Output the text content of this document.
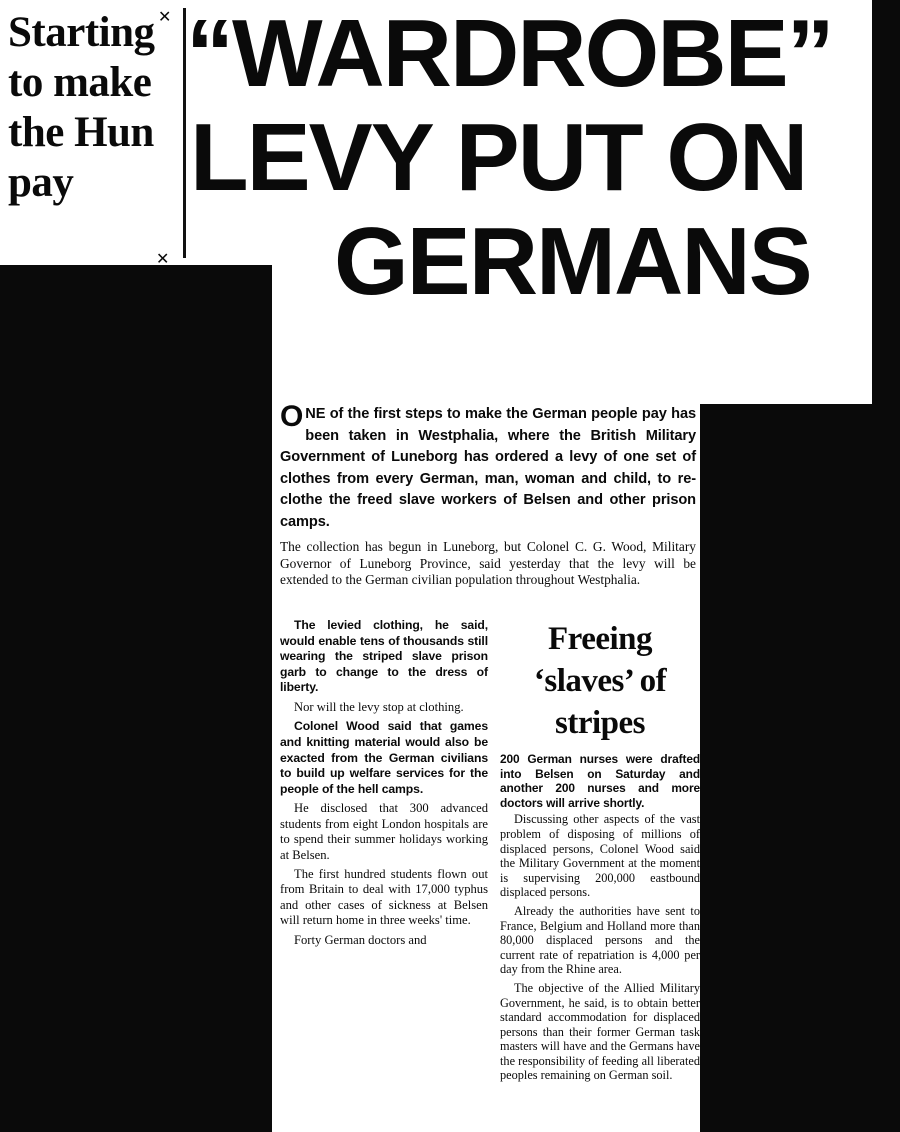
✕
Starting
to make
the Hun
pay
✕
“WARDROBE”
LEVY PUT ON
GERMANS
ONE of the first steps to make the German people pay has been taken in Westphalia, where the British Military Government of Luneborg has ordered a levy of one set of clothes from every German, man, woman and child, to re-clothe the freed slave workers of Belsen and other prison camps.
The collection has begun in Luneborg, but Colonel C. G. Wood, Military Governor of Luneborg Province, said yesterday that the levy will be extended to the German civilian population throughout Westphalia.

The levied clothing, he said, would enable tens of thousands still wearing the striped slave prison garb to change to the dress of liberty.

Nor will the levy stop at clothing.

Colonel Wood said that games and knitting material would also be exacted from the German civilians to build up welfare services for the people of the hell camps.

He disclosed that 300 advanced students from eight London hospitals are to spend their summer holidays working at Belsen.

The first hundred students flown out from Britain to deal with 17,000 typhus and other cases of sickness at Belsen will return home in three weeks' time.

Forty German doctors and

Freeing
‘slaves’ of
stripes

200 German nurses were drafted into Belsen on Saturday and another 200 nurses and more doctors will arrive shortly.

Discussing other aspects of the vast problem of disposing of millions of displaced persons, Colonel Wood said the Military Government at the moment is supervising 200,000 eastbound displaced persons.

Already the authorities have sent to France, Belgium and Holland more than 80,000 displaced persons and the current rate of repatriation is 4,000 per day from the Rhine area.

The objective of the Allied Military Government, he said, is to obtain better standard accommodation for displaced persons than their former German task masters will have and the Germans have the responsibility of feeding all liberated peoples remaining on German soil.
